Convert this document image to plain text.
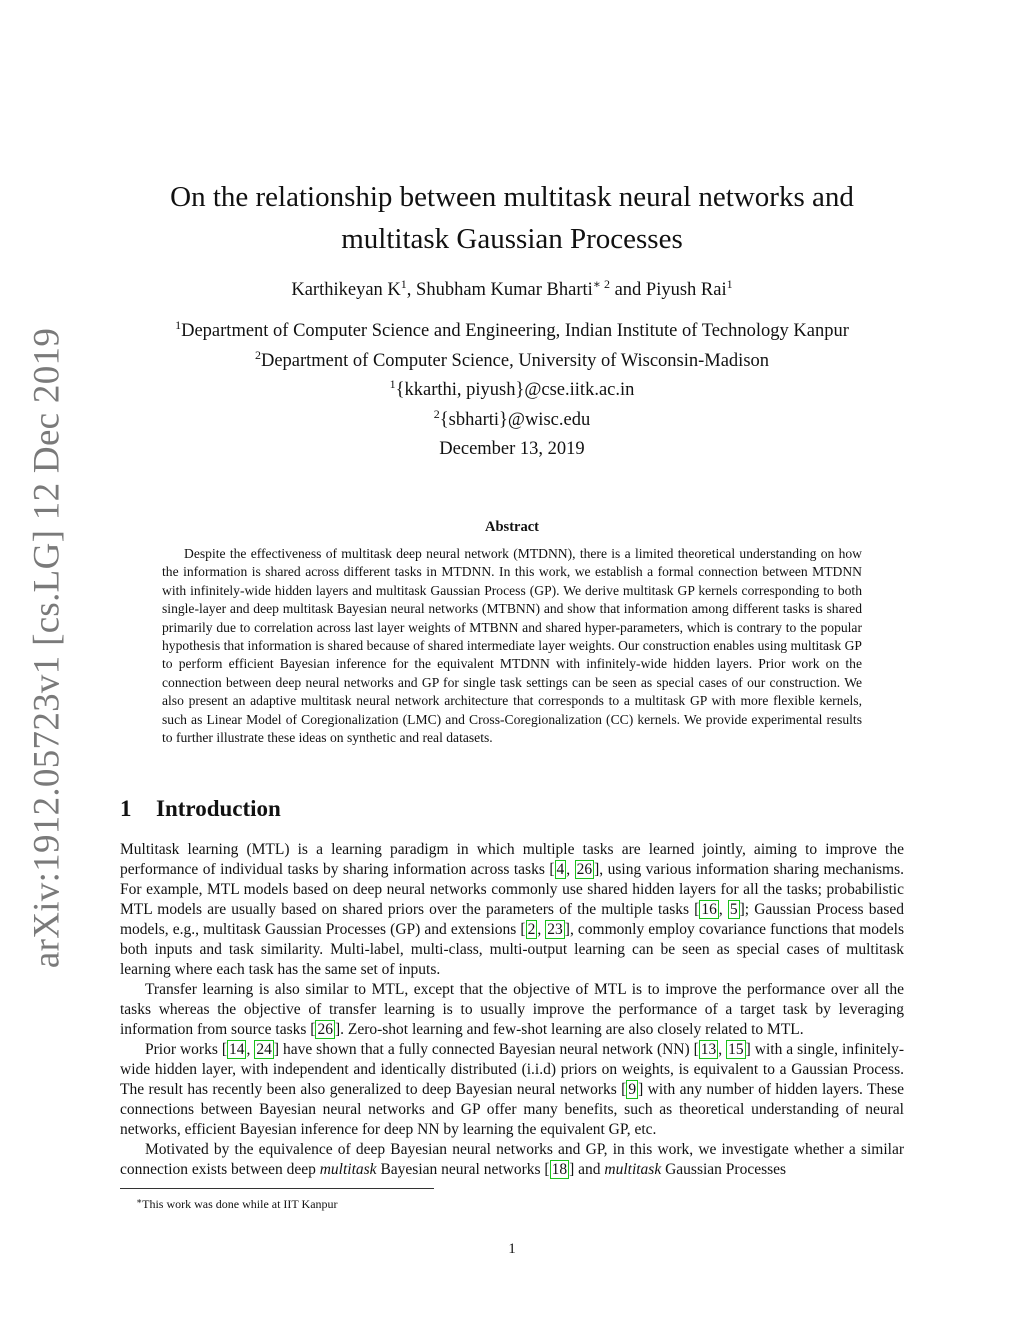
arXiv:1912.05723v1 [cs.LG] 12 Dec 2019
On the relationship between multitask neural networks and
multitask Gaussian Processes
Karthikeyan $K^1$, Shubham Kumar Bharti$^{∗ 2}$ and Piyush Rai$^1$
$^1$Department of Computer Science and Engineering, Indian Institute of Technology Kanpur
$^2$Department of Computer Science, University of Wisconsin-Madison
$^1${kkarthi, piyush}@cse.iitk.ac.in
$^2${sbharti}@wisc.edu
December 13, 2019
Abstract
Despite the effectiveness of multitask deep neural network (MTDNN), there is a limited theoretical understanding on how the information is shared across different tasks in MTDNN. In this work, we establish a formal connection between MTDNN with infinitely-wide hidden layers and multitask Gaussian Process (GP). We derive multitask GP kernels corresponding to both single-layer and deep multitask Bayesian neural networks (MTBNN) and show that information among different tasks is shared primarily due to correlation across last layer weights of MTBNN and shared hyper-parameters, which is contrary to the popular hypothesis that information is shared because of shared intermediate layer weights. Our construction enables using multitask GP to perform efficient Bayesian inference for the equivalent MTDNN with infinitely-wide hidden layers. Prior work on the connection between deep neural networks and GP for single task settings can be seen as special cases of our construction. We also present an adaptive multitask neural network architecture that corresponds to a multitask GP with more flexible kernels, such as Linear Model of Coregionalization (LMC) and Cross-Coregionalization (CC) kernels. We provide experimental results to further illustrate these ideas on synthetic and real datasets.
1 Introduction

Multitask learning (MTL) is a learning paradigm in which multiple tasks are learned jointly, aiming to improve the performance of individual tasks by sharing information across tasks [ 4 , 26 ], using various information sharing mechanisms. For example, MTL models based on deep neural networks commonly use shared hidden layers for all the tasks; probabilistic MTL models are usually based on shared priors over the parameters of the multiple tasks [ 16 , 5 ]; Gaussian Process based models, e.g., multitask Gaussian Processes (GP) and extensions [ 2 , 23 ], commonly employ covariance functions that models both inputs and task similarity. Multi-label, multi-class, multi-output learning can be seen as special cases of multitask learning where each task has the same set of inputs.

Transfer learning is also similar to MTL, except that the objective of MTL is to improve the performance over all the tasks whereas the objective of transfer learning is to usually improve the performance of a target task by leveraging information from source tasks [ 26 ]. Zero-shot learning and few-shot learning are also closely related to MTL.

Prior works [ 14 , 24 ] have shown that a fully connected Bayesian neural network (NN) [ 13 , 15 ] with a single, infinitely-wide hidden layer, with independent and identically distributed (i.i.d) priors on weights, is equivalent to a Gaussian Process. The result has recently been also generalized to deep Bayesian neural networks [ 9 ] with any number of hidden layers. These connections between Bayesian neural networks and GP offer many benefits, such as theoretical understanding of neural networks, efficient Bayesian inference for deep NN by learning the equivalent GP, etc.

Motivated by the equivalence of deep Bayesian neural networks and GP, in this work, we investigate whether a similar connection exists between deep multitask Bayesian neural networks [ 18 ] and multitask Gaussian Processes

∗This work was done while at IIT Kanpur
1
